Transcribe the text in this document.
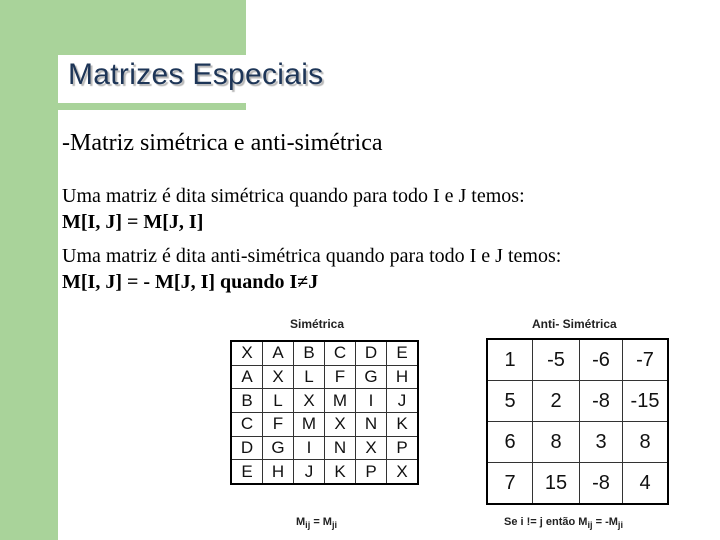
Matrizes Especiais
-Matriz simétrica e anti-simétrica
Uma matriz é dita simétrica quando para todo I e J temos:
M[I, J] = M[J, I]
Uma matriz é dita anti-simétrica quando para todo I e J temos:
M[I, J] = - M[J, I] quando I≠J
Simétrica
X	A	B	C	D	E
A	X	L	F	G	H
B	L	X	M	I	J
C	F	M	X	N	K
D	G	I	N	X	P
E	H	J	K	P	X
$M_{ij} = M_{ji}$
Anti- Simétrica
1	-5	-6	-7
5	2	-8	-15
6	8	3	8
7	15	-8	4
Se i != j então $M_{ij} = -M_{ji}$
